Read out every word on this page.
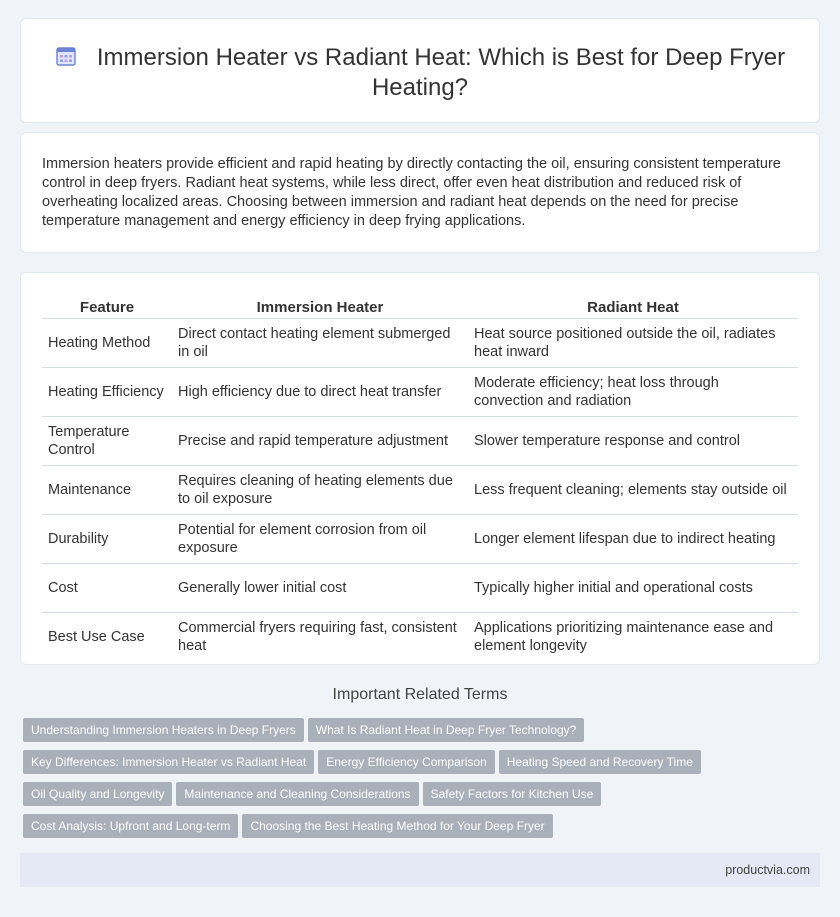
Immersion Heater vs Radiant Heat: Which is Best for Deep Fryer Heating?

Immersion heaters provide efficient and rapid heating by directly contacting the oil, ensuring consistent temperature control in deep fryers. Radiant heat systems, while less direct, offer even heat distribution and reduced risk of overheating localized areas. Choosing between immersion and radiant heat depends on the need for precise temperature management and energy efficiency in deep frying applications.

Feature	Immersion Heater	Radiant Heat
Heating Method	Direct contact heating element submerged in oil	Heat source positioned outside the oil, radiates heat inward
Heating Efficiency	High efficiency due to direct heat transfer	Moderate efficiency; heat loss through convection and radiation
Temperature Control	Precise and rapid temperature adjustment	Slower temperature response and control
Maintenance	Requires cleaning of heating elements due to oil exposure	Less frequent cleaning; elements stay outside oil
Durability	Potential for element corrosion from oil exposure	Longer element lifespan due to indirect heating
Cost	Generally lower initial cost	Typically higher initial and operational costs
Best Use Case	Commercial fryers requiring fast, consistent heat	Applications prioritizing maintenance ease and element longevity
Important Related Terms
Understanding Immersion Heaters in Deep Fryers What Is Radiant Heat in Deep Fryer Technology?
Key Differences: Immersion Heater vs Radiant Heat Energy Efficiency Comparison Heating Speed and Recovery Time
Oil Quality and Longevity Maintenance and Cleaning Considerations Safety Factors for Kitchen Use
Cost Analysis: Upfront and Long-term Choosing the Best Heating Method for Your Deep Fryer
productvia.com
